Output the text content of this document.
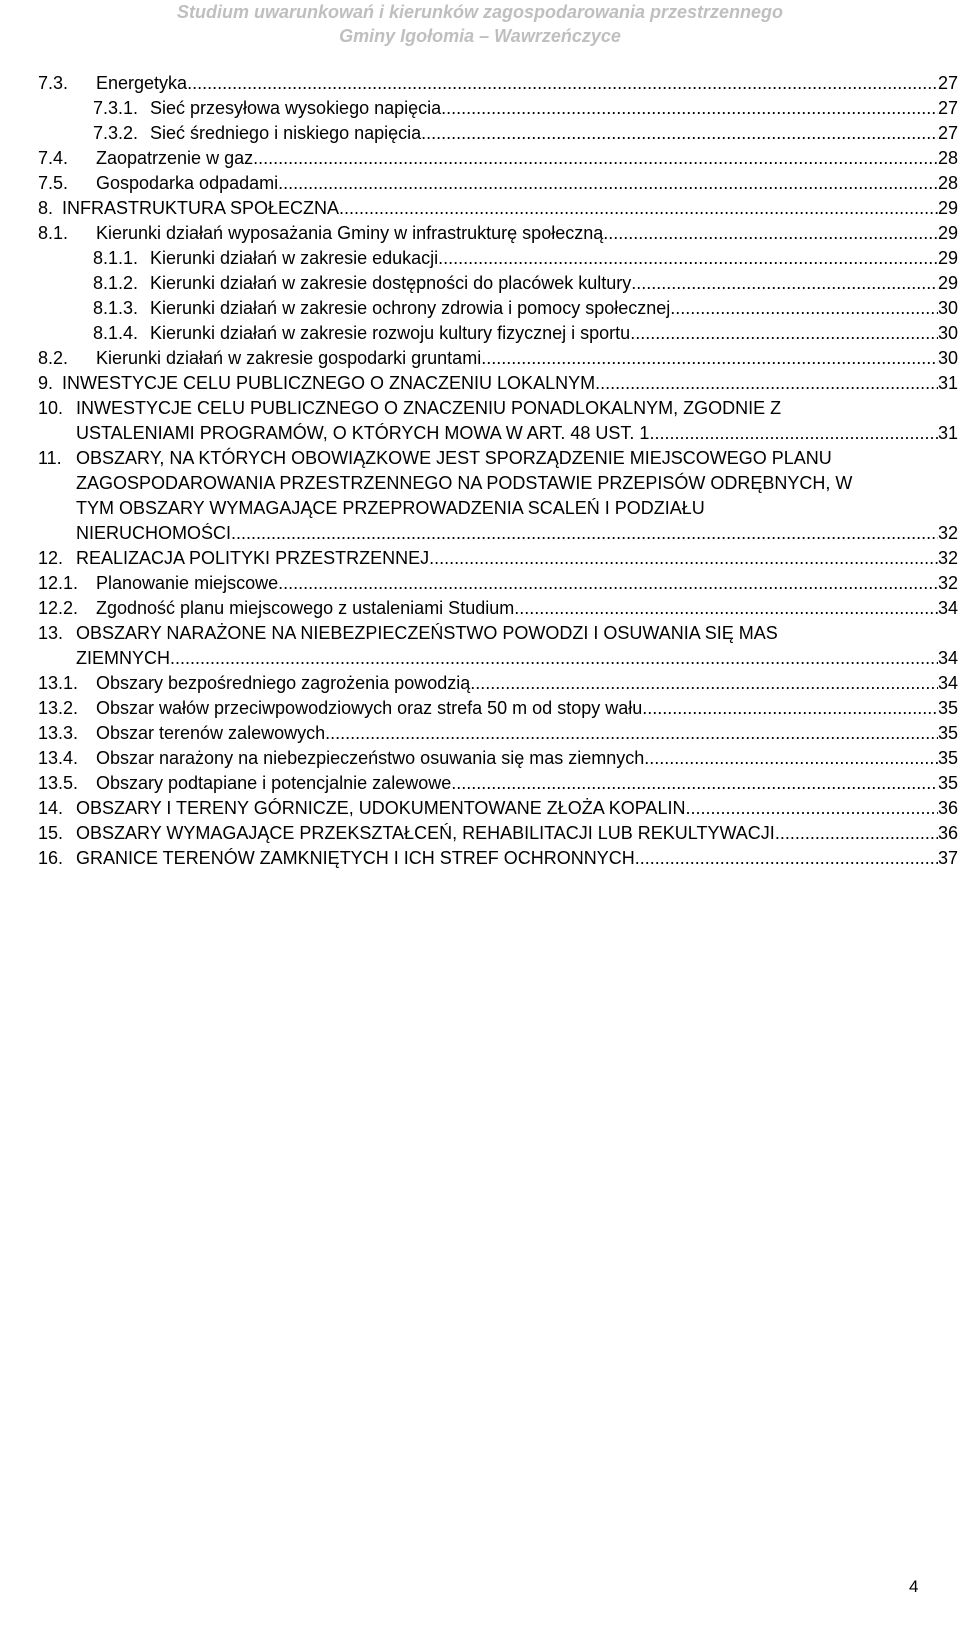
Studium uwarunkowań i kierunków zagospodarowania przestrzennego
Gminy Igołomia – Wawrzeńczyce
7.3. Energetyka .....	27
7.3.1. Sieć przesyłowa wysokiego napięcia .....	27
7.3.2. Sieć średniego i niskiego napięcia .....	27
7.4. Zaopatrzenie w gaz .....	28
7.5. Gospodarka odpadami .....	28
8. INFRASTRUKTURA SPOŁECZNA .....	29
8.1. Kierunki działań wyposażania Gminy w infrastrukturę społeczną .....	29
8.1.1. Kierunki działań w zakresie edukacji .....	29
8.1.2. Kierunki działań w zakresie dostępności do placówek kultury .....	29
8.1.3. Kierunki działań w zakresie ochrony zdrowia i pomocy społecznej .....	30
8.1.4. Kierunki działań w zakresie rozwoju kultury fizycznej i sportu .....	30
8.2. Kierunki działań w zakresie gospodarki gruntami .....	30
9. INWESTYCJE CELU PUBLICZNEGO O ZNACZENIU LOKALNYM .....	31
10. INWESTYCJE CELU PUBLICZNEGO O ZNACZENIU PONADLOKALNYM, ZGODNIE Z
USTALENIAMI PROGRAMÓW, O KTÓRYCH MOWA W ART. 48 UST. 1 .....	31
11. OBSZARY, NA KTÓRYCH OBOWIĄZKOWE JEST SPORZĄDZENIE MIEJSCOWEGO PLANU
ZAGOSPODAROWANIA PRZESTRZENNEGO NA PODSTAWIE PRZEPISÓW ODRĘBNYCH, W
TYM OBSZARY WYMAGAJĄCE PRZEPROWADZENIA SCALEŃ I PODZIAŁU
NIERUCHOMOŚCI .....	32
12. REALIZACJA POLITYKI PRZESTRZENNEJ .....	32
12.1. Planowanie miejscowe .....	32
12.2. Zgodność planu miejscowego z ustaleniami Studium .....	34
13. OBSZARY NARAŻONE NA NIEBEZPIECZEŃSTWO POWODZI I OSUWANIA SIĘ MAS
ZIEMNYCH .....	34
13.1. Obszary bezpośredniego zagrożenia powodzią .....	34
13.2. Obszar wałów przeciwpowodziowych oraz strefa 50 m od stopy wału .....	35
13.3. Obszar terenów zalewowych .....	35
13.4. Obszar narażony na niebezpieczeństwo osuwania się mas ziemnych .....	35
13.5. Obszary podtapiane i potencjalnie zalewowe .....	35
14. OBSZARY I TERENY GÓRNICZE, UDOKUMENTOWANE ZŁOŻA KOPALIN .....	36
15. OBSZARY WYMAGAJĄCE PRZEKSZTAŁCEŃ, REHABILITACJI LUB REKULTYWACJI .....	36
16. GRANICE TERENÓW ZAMKNIĘTYCH I ICH STREF OCHRONNYCH .....	37
4
